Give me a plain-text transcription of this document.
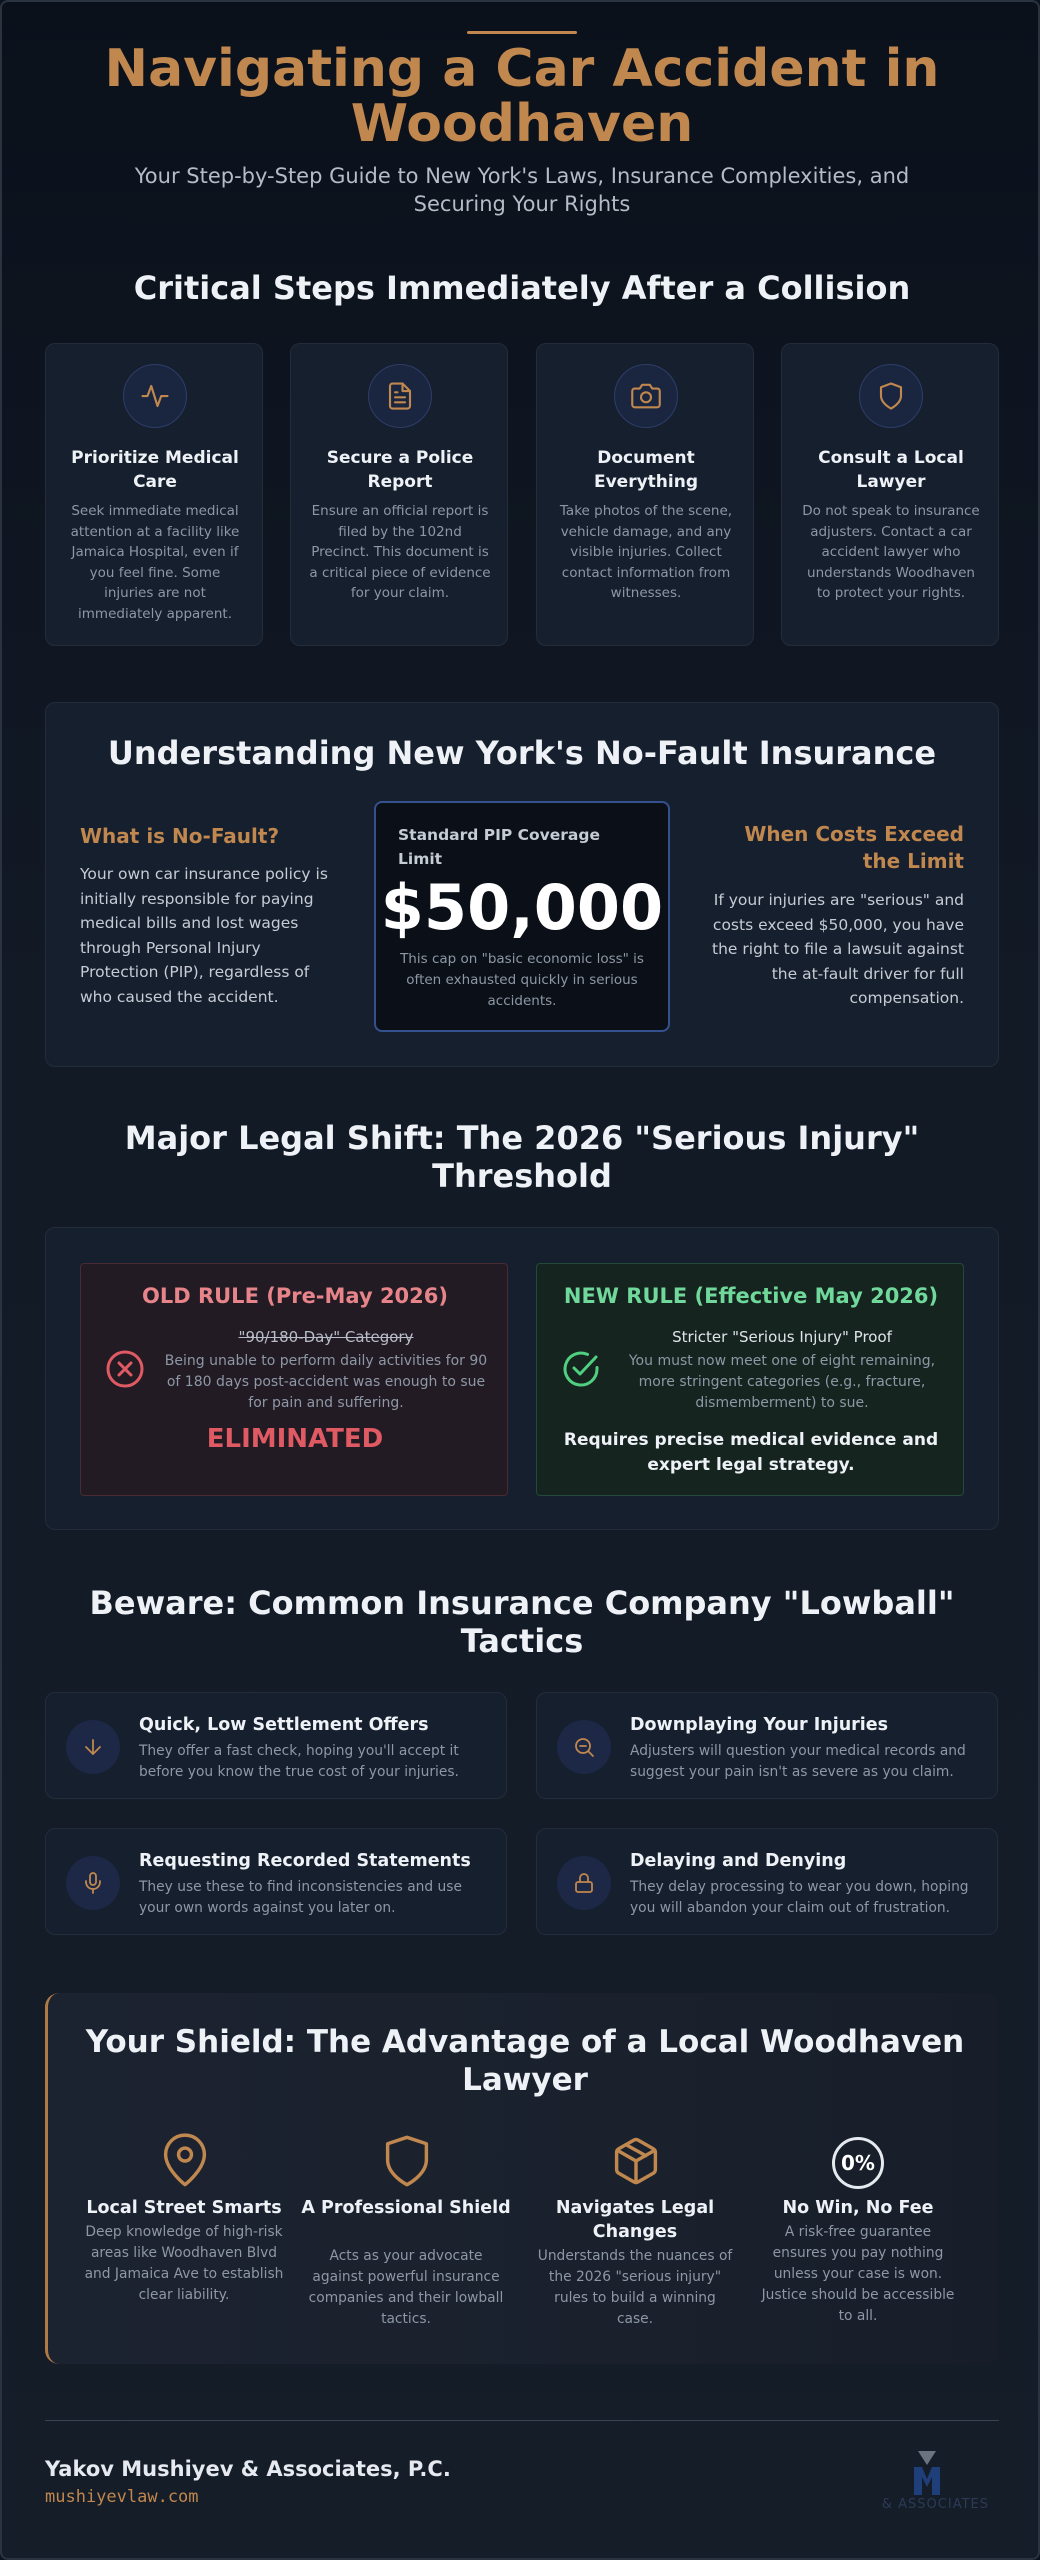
Navigating a Car Accident in Woodhaven

Your Step-by-Step Guide to New York's Laws, Insurance Complexities, and Securing Your Rights

Critical Steps Immediately After a Collision
Prioritize Medical Care
Seek immediate medical attention at a facility like Jamaica Hospital, even if you feel fine. Some injuries are not immediately apparent.
Secure a Police Report
Ensure an official report is filed by the 102nd Precinct. This document is a critical piece of evidence for your claim.
Document Everything
Take photos of the scene, vehicle damage, and any visible injuries. Collect contact information from witnesses.
Consult a Local Lawyer
Do not speak to insurance adjusters. Contact a car accident lawyer who understands Woodhaven to protect your rights.
Understanding New York's No-Fault Insurance
What is No-Fault?
Your own car insurance policy is initially responsible for paying medical bills and lost wages through Personal Injury Protection (PIP), regardless of who caused the accident.
Standard PIP Coverage Limit
$50,000
This cap on "basic economic loss" is often exhausted quickly in serious accidents.
When Costs Exceed the Limit
If your injuries are "serious" and costs exceed $50,000, you have the right to file a lawsuit against the at-fault driver for full compensation.
Major Legal Shift: The 2026 "Serious Injury" Threshold
OLD RULE (Pre-May 2026)
"90/180-Day" Category
Being unable to perform daily activities for 90 of 180 days post-accident was enough to sue for pain and suffering.
ELIMINATED
NEW RULE (Effective May 2026)
Stricter "Serious Injury" Proof
You must now meet one of eight remaining, more stringent categories (e.g., fracture, dismemberment) to sue.
Requires precise medical evidence and expert legal strategy.
Beware: Common Insurance Company "Lowball" Tactics
Quick, Low Settlement Offers
They offer a fast check, hoping you'll accept it before you know the true cost of your injuries.
Downplaying Your Injuries
Adjusters will question your medical records and suggest your pain isn't as severe as you claim.
Requesting Recorded Statements
They use these to find inconsistencies and use your own words against you later on.
Delaying and Denying
They delay processing to wear you down, hoping you will abandon your claim out of frustration.
Your Shield: The Advantage of a Local Woodhaven Lawyer
Local Street Smarts
Deep knowledge of high-risk areas like Woodhaven Blvd and Jamaica Ave to establish clear liability.
A Professional Shield
Acts as your advocate against powerful insurance companies and their lowball tactics.
Navigates Legal Changes
Understands the nuances of the 2026 "serious injury" rules to build a winning case.
0%
No Win, No Fee
A risk-free guarantee ensures you pay nothing unless your case is won. Justice should be accessible to all.
Yakov Mushiyev & Associates, P.C.
mushiyevlaw.com	& ASSOCIATES
